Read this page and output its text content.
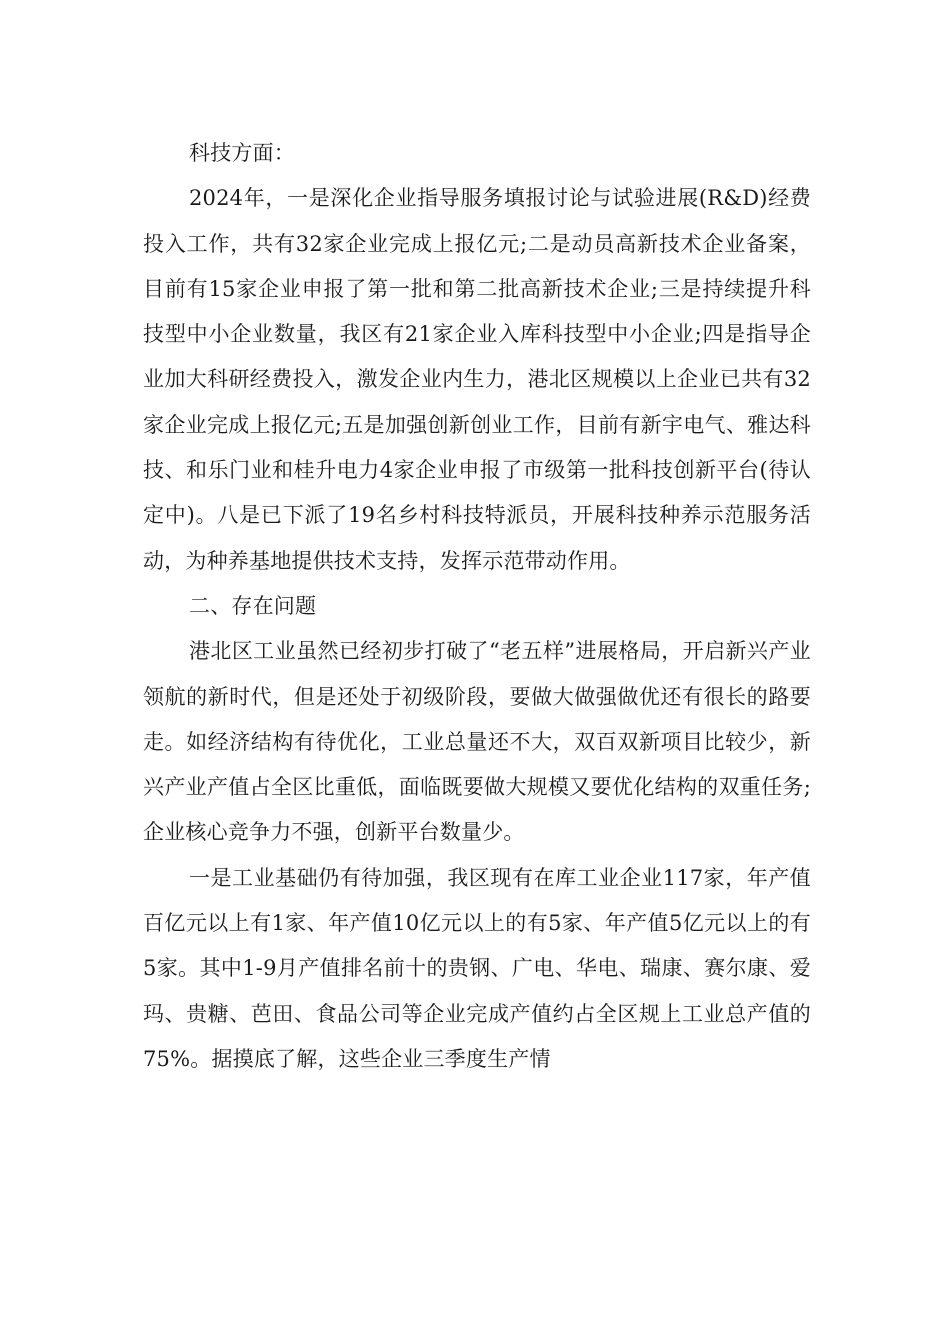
科技方面：

2024年，一是深化企业指导服务填报讨论与试验进展(R&D)经费投入工作，共有32家企业完成上报亿元;二是动员高新技术企业备案，目前有15家企业申报了第一批和第二批高新技术企业;三是持续提升科技型中小企业数量，我区有21家企业入库科技型中小企业;四是指导企业加大科研经费投入，激发企业内生力，港北区规模以上企业已共有32家企业完成上报亿元;五是加强创新创业工作，目前有新宇电气、雅达科技、和乐门业和桂升电力4家企业申报了市级第一批科技创新平台(待认定中)。八是已下派了19名乡村科技特派员，开展科技种养示范服务活动，为种养基地提供技术支持，发挥示范带动作用。

二、存在问题

港北区工业虽然已经初步打破了“老五样”进展格局，开启新兴产业领航的新时代，但是还处于初级阶段，要做大做强做优还有很长的路要走。如经济结构有待优化，工业总量还不大，双百双新项目比较少，新兴产业产值占全区比重低，面临既要做大规模又要优化结构的双重任务;企业核心竞争力不强，创新平台数量少。

一是工业基础仍有待加强，我区现有在库工业企业117家，年产值百亿元以上有1家、年产值10亿元以上的有5家、年产值5亿元以上的有5家。其中1-9月产值排名前十的贵钢、广电、华电、瑞康、赛尔康、爱玛、贵糖、芭田、食品公司等企业完成产值约占全区规上工业总产值的75%。据摸底了解，这些企业三季度生产情
